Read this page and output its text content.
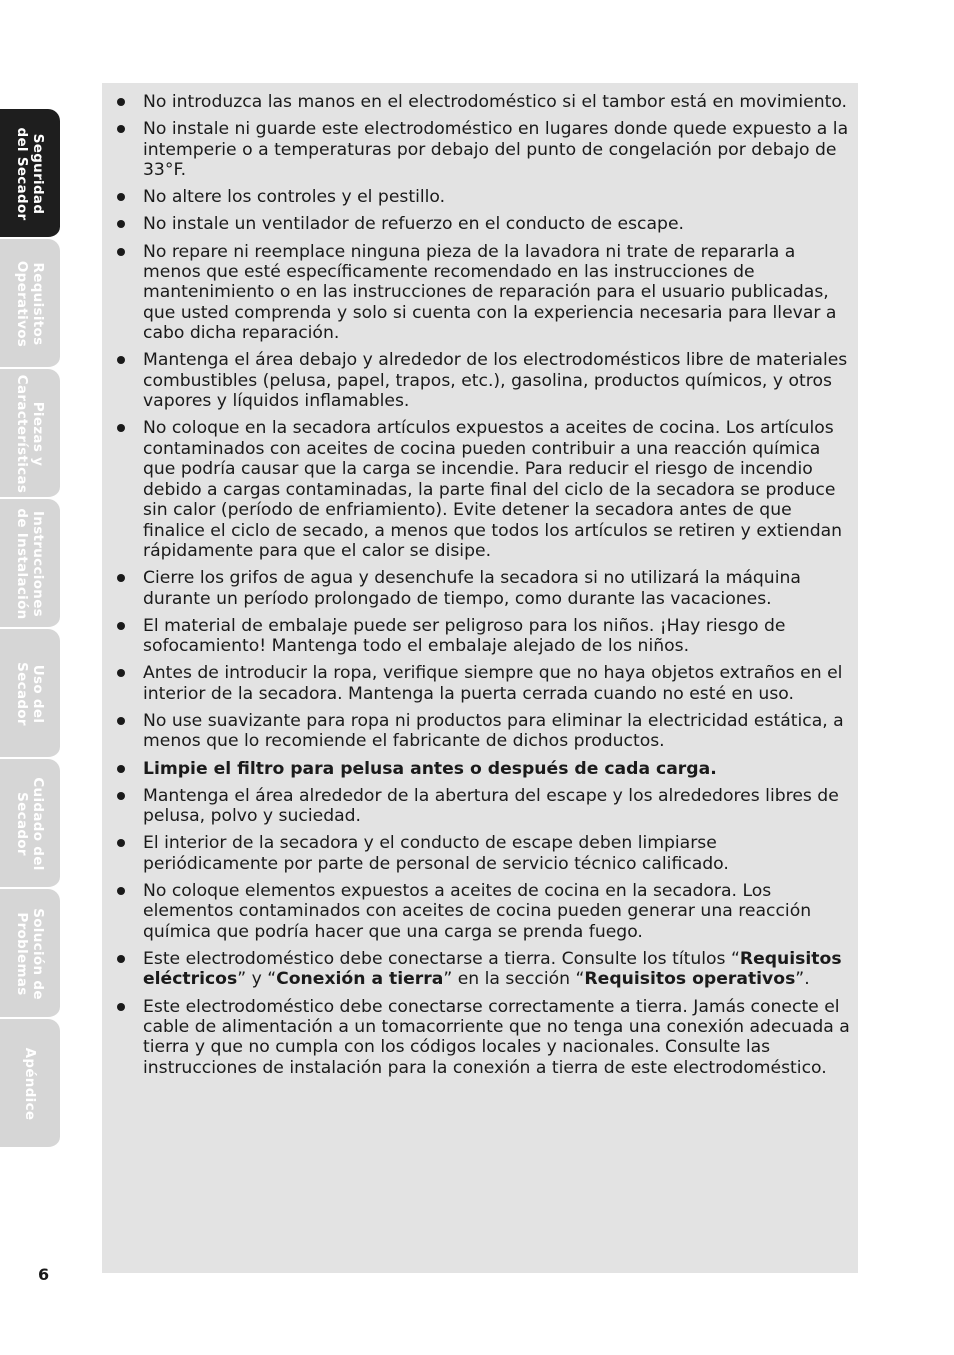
Seguridad
del Secador
Requisitos
Operativos
Piezas y
Características
Instrucciones
de Instalación
Uso del
Secador
Cuidado del
Secador
Solución de
Problemas
Apéndice
No introduzca las manos en el electrodoméstico si el tambor está en movimiento.
No instale ni guarde este electrodoméstico en lugares donde quede expuesto a la intemperie o a temperaturas por debajo del punto de congelación por debajo de 33°F.
No altere los controles y el pestillo.
No instale un ventilador de refuerzo en el conducto de escape.
No repare ni reemplace ninguna pieza de la lavadora ni trate de repararla a menos que esté específicamente recomendado en las instrucciones de mantenimiento o en las instrucciones de reparación para el usuario publicadas, que usted comprenda y solo si cuenta con la experiencia necesaria para llevar a cabo dicha reparación.
Mantenga el área debajo y alrededor de los electrodomésticos libre de materiales combustibles (pelusa, papel, trapos, etc.), gasolina, productos químicos, y otros vapores y líquidos inflamables.
No coloque en la secadora artículos expuestos a aceites de cocina. Los artículos contaminados con aceites de cocina pueden contribuir a una reacción química que podría causar que la carga se incendie. Para reducir el riesgo de incendio debido a cargas contaminadas, la parte final del ciclo de la secadora se produce sin calor (período de enfriamiento). Evite detener la secadora antes de que finalice el ciclo de secado, a menos que todos los artículos se retiren y extiendan rápidamente para que el calor se disipe.
Cierre los grifos de agua y desenchufe la secadora si no utilizará la máquina durante un período prolongado de tiempo, como durante las vacaciones.
El material de embalaje puede ser peligroso para los niños. ¡Hay riesgo de sofocamiento! Mantenga todo el embalaje alejado de los niños.
Antes de introducir la ropa, verifique siempre que no haya objetos extraños en el interior de la secadora. Mantenga la puerta cerrada cuando no esté en uso.
No use suavizante para ropa ni productos para eliminar la electricidad estática, a menos que lo recomiende el fabricante de dichos productos.
Limpie el filtro para pelusa antes o después de cada carga.
Mantenga el área alrededor de la abertura del escape y los alrededores libres de pelusa, polvo y suciedad.
El interior de la secadora y el conducto de escape deben limpiarse periódicamente por parte de personal de servicio técnico calificado.
No coloque elementos expuestos a aceites de cocina en la secadora. Los elementos contaminados con aceites de cocina pueden generar una reacción química que podría hacer que una carga se prenda fuego.
Este electrodoméstico debe conectarse a tierra. Consulte los títulos “Requisitos eléctricos” y “Conexión a tierra” en la sección “Requisitos operativos”.
Este electrodoméstico debe conectarse correctamente a tierra. Jamás conecte el cable de alimentación a un tomacorriente que no tenga una conexión adecuada a tierra y que no cumpla con los códigos locales y nacionales. Consulte las instrucciones de instalación para la conexión a tierra de este electrodoméstico.
6
